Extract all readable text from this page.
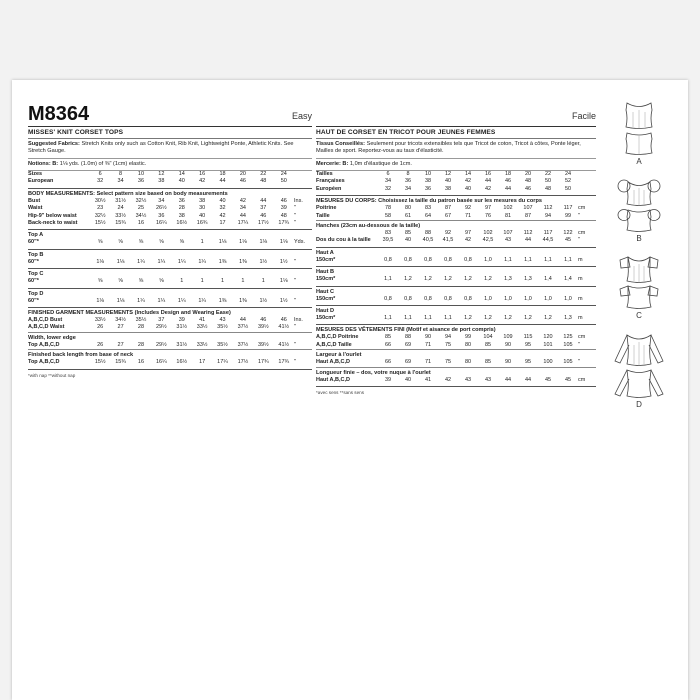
M8364	Easy
MISSES' KNIT CORSET TOPS
Suggested Fabrics: Stretch Knits only such as Cotton Knit, Rib Knit, Lightweight Ponte, Athletic Knits. See Stretch Gauge.
Notions: B: 1⅛ yds. (1.0m) of ⅜" (1cm) elastic.
Sizes	6	8	10	12	14	16	18	20	22	24	
European	32	34	36	38	40	42	44	46	48	50	
BODY MEASUREMENTS: Select pattern size based on body measurements
Bust	30½	31½	32½	34	36	38	40	42	44	46	Ins.
Waist	23	24	25	26½	28	30	32	34	37	39	"
Hip-9" below waist	32½	33½	34½	36	38	40	42	44	46	48	"
Back-neck to waist	15½	15¾	16	16¼	16½	16¾	17	17¼	17½	17¾	"
Top A
60"*	⅝	⅝	⅝	⅝	⅝	1	1⅛	1⅛	1⅛	1⅛	Yds.
Top B
60"*	1⅛	1⅛	1¼	1¼	1¼	1¼	1⅜	1⅜	1½	1½	"
Top C
60"*	⅝	⅝	⅝	⅝	1	1	1	1	1	1⅛	"
Top D
60"*	1⅛	1⅛	1¼	1¼	1¼	1¼	1⅜	1⅜	1½	1½	"
FINISHED GARMENT MEASUREMENTS (Includes Design and Wearing Ease)
A,B,C,D Bust	33½	34½	35½	37	39	41	43	44	46	46	Ins.
A,B,C,D Waist	26	27	28	29½	31½	33½	35½	37½	39½	41½	"
Width, lower edge
Top A,B,C,D	26	27	28	29½	31½	33½	35½	37½	39½	41½	"
Finished back length from base of neck
Top A,B,C,D	15½	15¾	16	16¼	16½	17	17¼	17½	17¾	17¾	"
*with nap **without nap
Facile
HAUT DE CORSET EN TRICOT POUR JEUNES FEMMES
Tissus Conseillés: Seulement pour tricots extensibles tels que Tricot de coton, Tricot à côtes, Ponte léger, Mailles de sport. Reportez-vous au taux d'élasticité.
Mercerie: B: 1,0m d'élastique de 1cm.
Tailles	6	8	10	12	14	16	18	20	22	24	
Françaises	34	36	38	40	42	44	46	48	50	52	
Européen	32	34	36	38	40	42	44	46	48	50	
MESURES DU CORPS: Choisissez la taille du patron basée sur les mesures du corps
Poitrine	78	80	83	87	92	97	102	107	112	117	cm
Taille	58	61	64	67	71	76	81	87	94	99	"
Hanches (23cm au-dessous de la taille)
	83	85	88	92	97	102	107	112	117	122	cm
Dos du cou à la taille	39,5	40	40,5	41,5	42	42,5	43	44	44,5	45	"
Haut A
150cm*	0,8	0,8	0,8	0,8	0,8	1,0	1,1	1,1	1,1	1,1	m
Haut B
150cm*	1,1	1,2	1,2	1,2	1,2	1,2	1,3	1,3	1,4	1,4	m
Haut C
150cm*	0,8	0,8	0,8	0,8	0,8	1,0	1,0	1,0	1,0	1,0	m
Haut D
150cm*	1,1	1,1	1,1	1,1	1,2	1,2	1,2	1,2	1,2	1,3	m
MESURES DES VÊTEMENTS FINI (Motif et aisance de port compris)
A,B,C,D Poitrine	85	88	90	94	99	104	109	115	120	125	cm
A,B,C,D Taille	66	69	71	75	80	85	90	95	101	105	"
Largeur à l'ourlet
Haut A,B,C,D	66	69	71	75	80	85	90	95	100	105	"
Longueur finie – dos, votre nuque à l'ourlet
Haut A,B,C,D	39	40	41	42	43	43	44	44	45	45	cm
*avec sens **sans sens
A
B
C
D
